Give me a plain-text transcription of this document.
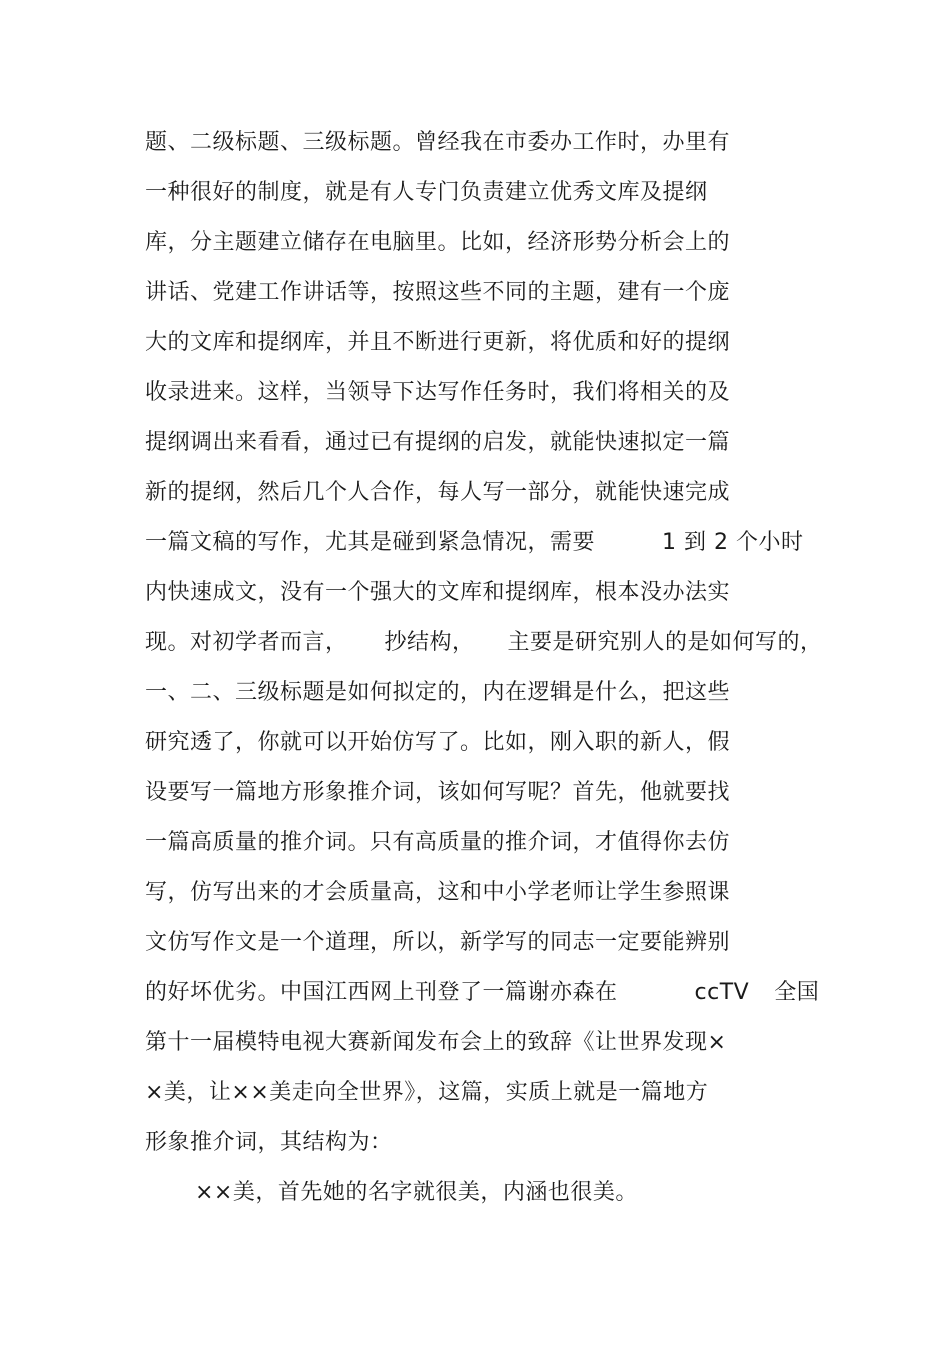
题、二级标题、三级标题。曾经我在市委办工作时，办里有
一种很好的制度，就是有人专门负责建立优秀文库及提纲
库，分主题建立储存在电脑里。比如，经济形势分析会上的
讲话、党建工作讲话等，按照这些不同的主题，建有一个庞
大的文库和提纲库，并且不断进行更新，将优质和好的提纲
收录进来。这样，当领导下达写作任务时，我们将相关的及
提纲调出来看看，通过已有提纲的启发，就能快速拟定一篇
新的提纲，然后几个人合作，每人写一部分，就能快速完成
一篇文稿的写作，尤其是碰到紧急情况，需要	1 到 2 个小时
内快速成文，没有一个强大的文库和提纲库，根本没办法实
现。对初学者而言， 抄结构， 主要是研究别人的是如何写的，
一、二、三级标题是如何拟定的，内在逻辑是什么，把这些
研究透了，你就可以开始仿写了。比如，刚入职的新人，假
设要写一篇地方形象推介词，该如何写呢？首先，他就要找
一篇高质量的推介词。只有高质量的推介词，才值得你去仿
写，仿写出来的才会质量高，这和中小学老师让学生参照课
文仿写作文是一个道理，所以，新学写的同志一定要能辨别
的好坏优劣。中国江西网上刊登了一篇谢亦森在	ccTV 全国
第十一届模特电视大赛新闻发布会上的致辞《让世界发现×
×美，让××美走向全世界》，这篇，实质上就是一篇地方
形象推介词，其结构为：
××美，首先她的名字就很美，内涵也很美。
